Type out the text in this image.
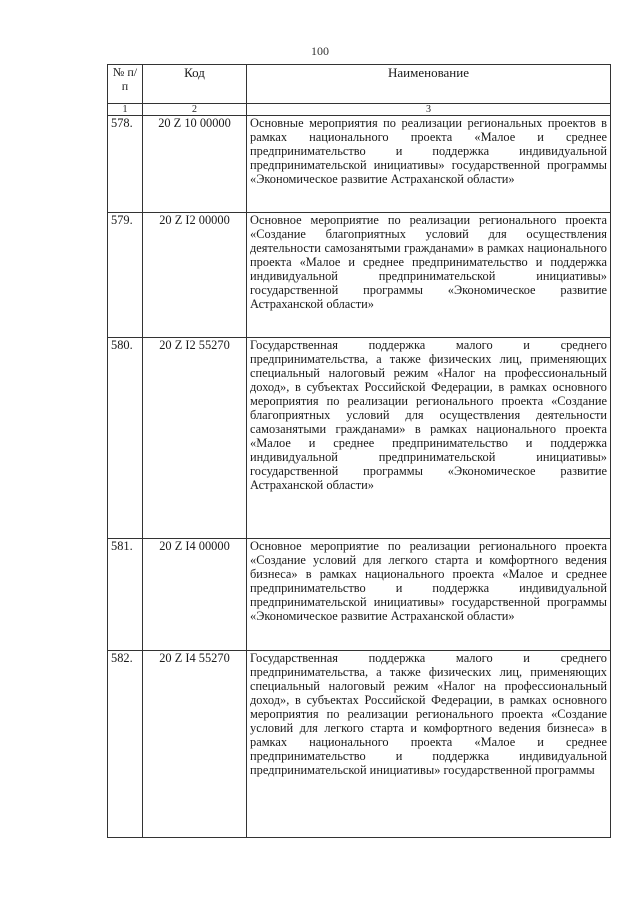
100
№ п/п	Код	Наименование
1	2	3
578.	20 Z 10 00000	Основные мероприятия по реализации региональных проектов в рамках национального проекта «Малое и среднее предпринимательство и поддержка индивидуальной предпринимательской инициативы» государственной программы «Экономическое развитие Астраханской области»
579.	20 Z I2 00000	Основное мероприятие по реализации регионального проекта «Создание благоприятных условий для осуществления деятельности самозанятыми гражданами» в рамках национального проекта «Малое и среднее предпринимательство и поддержка индивидуальной предпринимательской инициативы» государственной программы «Экономическое развитие Астраханской области»
580.	20 Z I2 55270	Государственная поддержка малого и среднего предпринимательства, а также физических лиц, применяющих специальный налоговый режим «Налог на профессиональный доход», в субъектах Российской Федерации, в рамках основного мероприятия по реализации регионального проекта «Создание благоприятных условий для осуществления деятельности самозанятыми гражданами» в рамках национального проекта «Малое и среднее предпринимательство и поддержка индивидуальной предпринимательской инициативы» государственной программы «Экономическое развитие Астраханской области»
581.	20 Z I4 00000	Основное мероприятие по реализации регионального проекта «Создание условий для легкого старта и комфортного ведения бизнеса» в рамках национального проекта «Малое и среднее предпринимательство и поддержка индивидуальной предпринимательской инициативы» государственной программы «Экономическое развитие Астраханской области»
582.	20 Z I4 55270	Государственная поддержка малого и среднего предпринимательства, а также физических лиц, применяющих специальный налоговый режим «Налог на профессиональный доход», в субъектах Российской Федерации, в рамках основного мероприятия по реализации регионального проекта «Создание условий для легкого старта и комфортного ведения бизнеса» в рамках национального проекта «Малое и среднее предпринимательство и поддержка индивидуальной предпринимательской инициативы» государственной программы
